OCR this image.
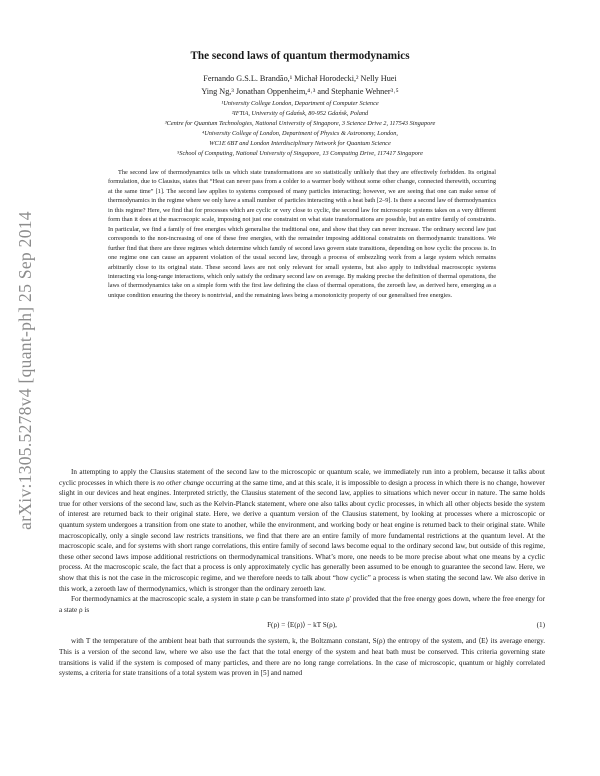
arXiv:1305.5278v4 [quant-ph] 25 Sep 2014
The second laws of quantum thermodynamics
Fernando G.S.L. Brandão,¹ Michał Horodecki,² Nelly Huei
Ying Ng,³ Jonathan Oppenheim,⁴˒³ and Stephanie Wehner³˒⁵
¹University College London, Department of Computer Science
²IFTiA, University of Gdańsk, 80-952 Gdańsk, Poland
³Centre for Quantum Technologies, National University of Singapore, 3 Science Drive 2, 117543 Singapore
⁴University College of London, Department of Physics & Astronomy, London,
WC1E 6BT and London Interdisciplinary Network for Quantum Science
⁵School of Computing, National University of Singapore, 13 Computing Drive, 117417 Singapore

The second law of thermodynamics tells us which state transformations are so statistically unlikely that they are effectively forbidden. Its original formulation, due to Clausius, states that “Heat can never pass from a colder to a warmer body without some other change, connected therewith, occurring at the same time” [1]. The second law applies to systems composed of many particles interacting; however, we are seeing that one can make sense of thermodynamics in the regime where we only have a small number of particles interacting with a heat bath [2–9]. Is there a second law of thermodynamics in this regime? Here, we find that for processes which are cyclic or very close to cyclic, the second law for microscopic systems takes on a very different form than it does at the macroscopic scale, imposing not just one constraint on what state transformations are possible, but an entire family of constraints. In particular, we find a family of free energies which generalise the traditional one, and show that they can never increase. The ordinary second law just corresponds to the non-increasing of one of these free energies, with the remainder imposing additional constraints on thermodynamic transitions. We further find that there are three regimes which determine which family of second laws govern state transitions, depending on how cyclic the process is. In one regime one can cause an apparent violation of the usual second law, through a process of embezzling work from a large system which remains arbitrarily close to its original state. These second laws are not only relevant for small systems, but also apply to individual macroscopic systems interacting via long-range interactions, which only satisfy the ordinary second law on average. By making precise the definition of thermal operations, the laws of thermodynamics take on a simple form with the first law defining the class of thermal operations, the zeroeth law, as derived here, emerging as a unique condition ensuring the theory is nontrivial, and the remaining laws being a monotonicity property of our generalised free energies.

In attempting to apply the Clausius statement of the second law to the microscopic or quantum scale, we immediately run into a problem, because it talks about cyclic processes in which there is no other change occurring at the same time, and at this scale, it is impossible to design a process in which there is no change, however slight in our devices and heat engines. Interpreted strictly, the Clausius statement of the second law, applies to situations which never occur in nature. The same holds true for other versions of the second law, such as the Kelvin-Planck statement, where one also talks about cyclic processes, in which all other objects beside the system of interest are returned back to their original state. Here, we derive a quantum version of the Clausius statement, by looking at processes where a microscopic or quantum system undergoes a transition from one state to another, while the environment, and working body or heat engine is returned back to their original state. While macroscopically, only a single second law restricts transitions, we find that there are an entire family of more fundamental restrictions at the quantum level. At the macroscopic scale, and for systems with short range correlations, this entire family of second laws become equal to the ordinary second law, but outside of this regime, these other second laws impose additional restrictions on thermodynamical transitions. What’s more, one needs to be more precise about what one means by a cyclic process. At the macroscopic scale, the fact that a process is only approximately cyclic has generally been assumed to be enough to guarantee the second law. Here, we show that this is not the case in the microscopic regime, and we therefore needs to talk about “how cyclic” a process is when stating the second law. We also derive in this work, a zeroeth law of thermodynamics, which is stronger than the ordinary zeroeth law.

For thermodynamics at the macroscopic scale, a system in state ρ can be transformed into state ρ′ provided that the free energy goes down, where the free energy for a state ρ is

F(ρ) = ⟨E(ρ)⟩ − kT S(ρ),	(1)

with T the temperature of the ambient heat bath that surrounds the system, k, the Boltzmann constant, S(ρ) the entropy of the system, and ⟨E⟩ its average energy. This is a version of the second law, where we also use the fact that the total energy of the system and heat bath must be conserved. This criteria governing state transitions is valid if the system is composed of many particles, and there are no long range correlations. In the case of microscopic, quantum or highly correlated systems, a criteria for state transitions of a total system was proven in [5] and named
